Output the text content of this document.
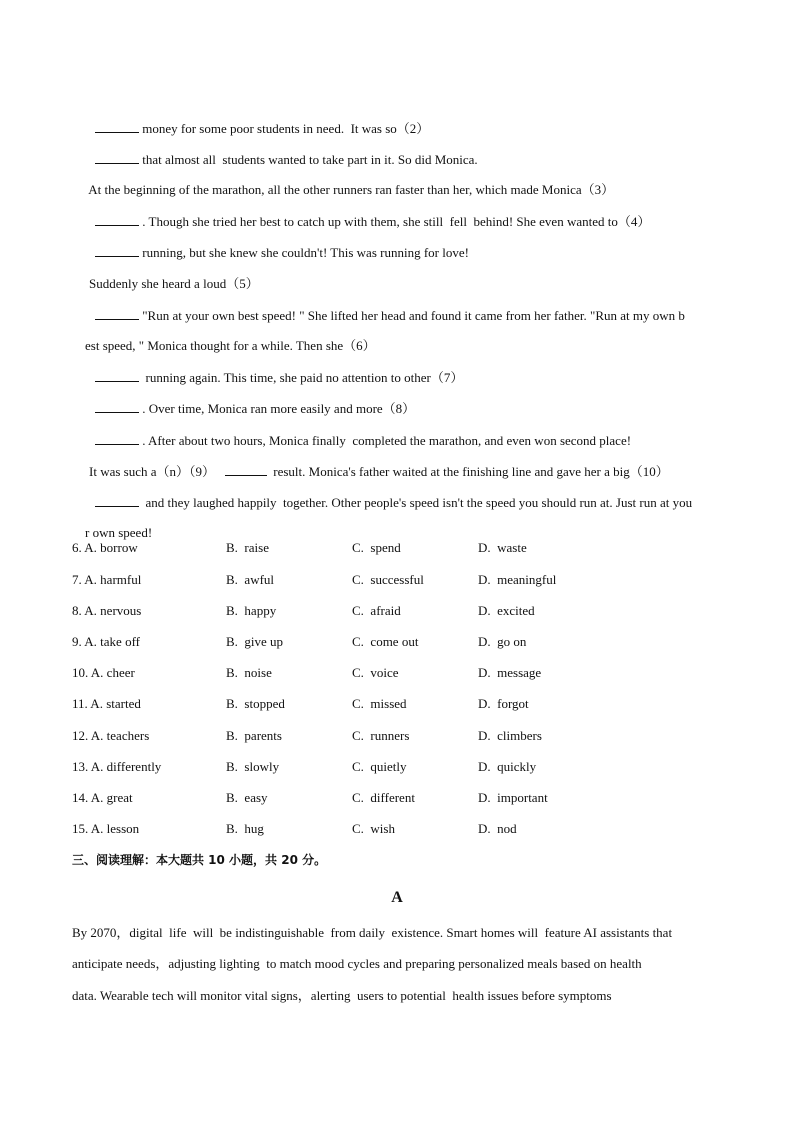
money for some poor students in need.  It was so（2）

that almost all  students wanted to take part in it. So did Monica.

At the beginning of the marathon, all the other runners ran faster than her, which made Monica（3）

. Though she tried her best to catch up with them, she still  fell  behind! She even wanted to（4）

running, but she knew she couldn't! This was running for love!

Suddenly she heard a loud（5）

"Run at your own best speed! " She lifted her head and found it came from her father. "Run at my own b

est speed, " Monica thought for a while. Then she（6）

running again. This time, she paid no attention to other（7）

. Over time, Monica ran more easily and more（8）

. After about two hours, Monica finally  completed the marathon, and even won second place!

It was such a（n）（9）	result. Monica's father waited at the finishing line and gave her a big（10）

and they laughed happily  together. Other people's speed isn't the speed you should run at. Just run at you

r own speed!

6. A. borrow	B.  raise	C.  spend	D.  waste
7. A. harmful	B.  awful	C.  successful	D.  meaningful
8. A. nervous	B.  happy	C.  afraid	D.  excited
9. A. take off	B.  give up	C.  come out	D.  go on
10. A. cheer	B.  noise	C.  voice	D.  message
11. A. started	B.  stopped	C.  missed	D.  forgot
12. A. teachers	B.  parents	C.  runners	D.  climbers
13. A. differently	B.  slowly	C.  quietly	D.  quickly
14. A. great	B.  easy	C.  different	D.  important
15. A. lesson	B.  hug	C.  wish	D.  nod
三、阅读理解：本大题共 10 小题，共 20 分。
A
By 2070，digital  life  will  be indistinguishable  from daily  existence. Smart homes will  feature AI assistants that
anticipate needs，adjusting lighting  to match mood cycles and preparing personalized meals based on health
data. Wearable tech will monitor vital signs，alerting  users to potential  health issues before symptoms
